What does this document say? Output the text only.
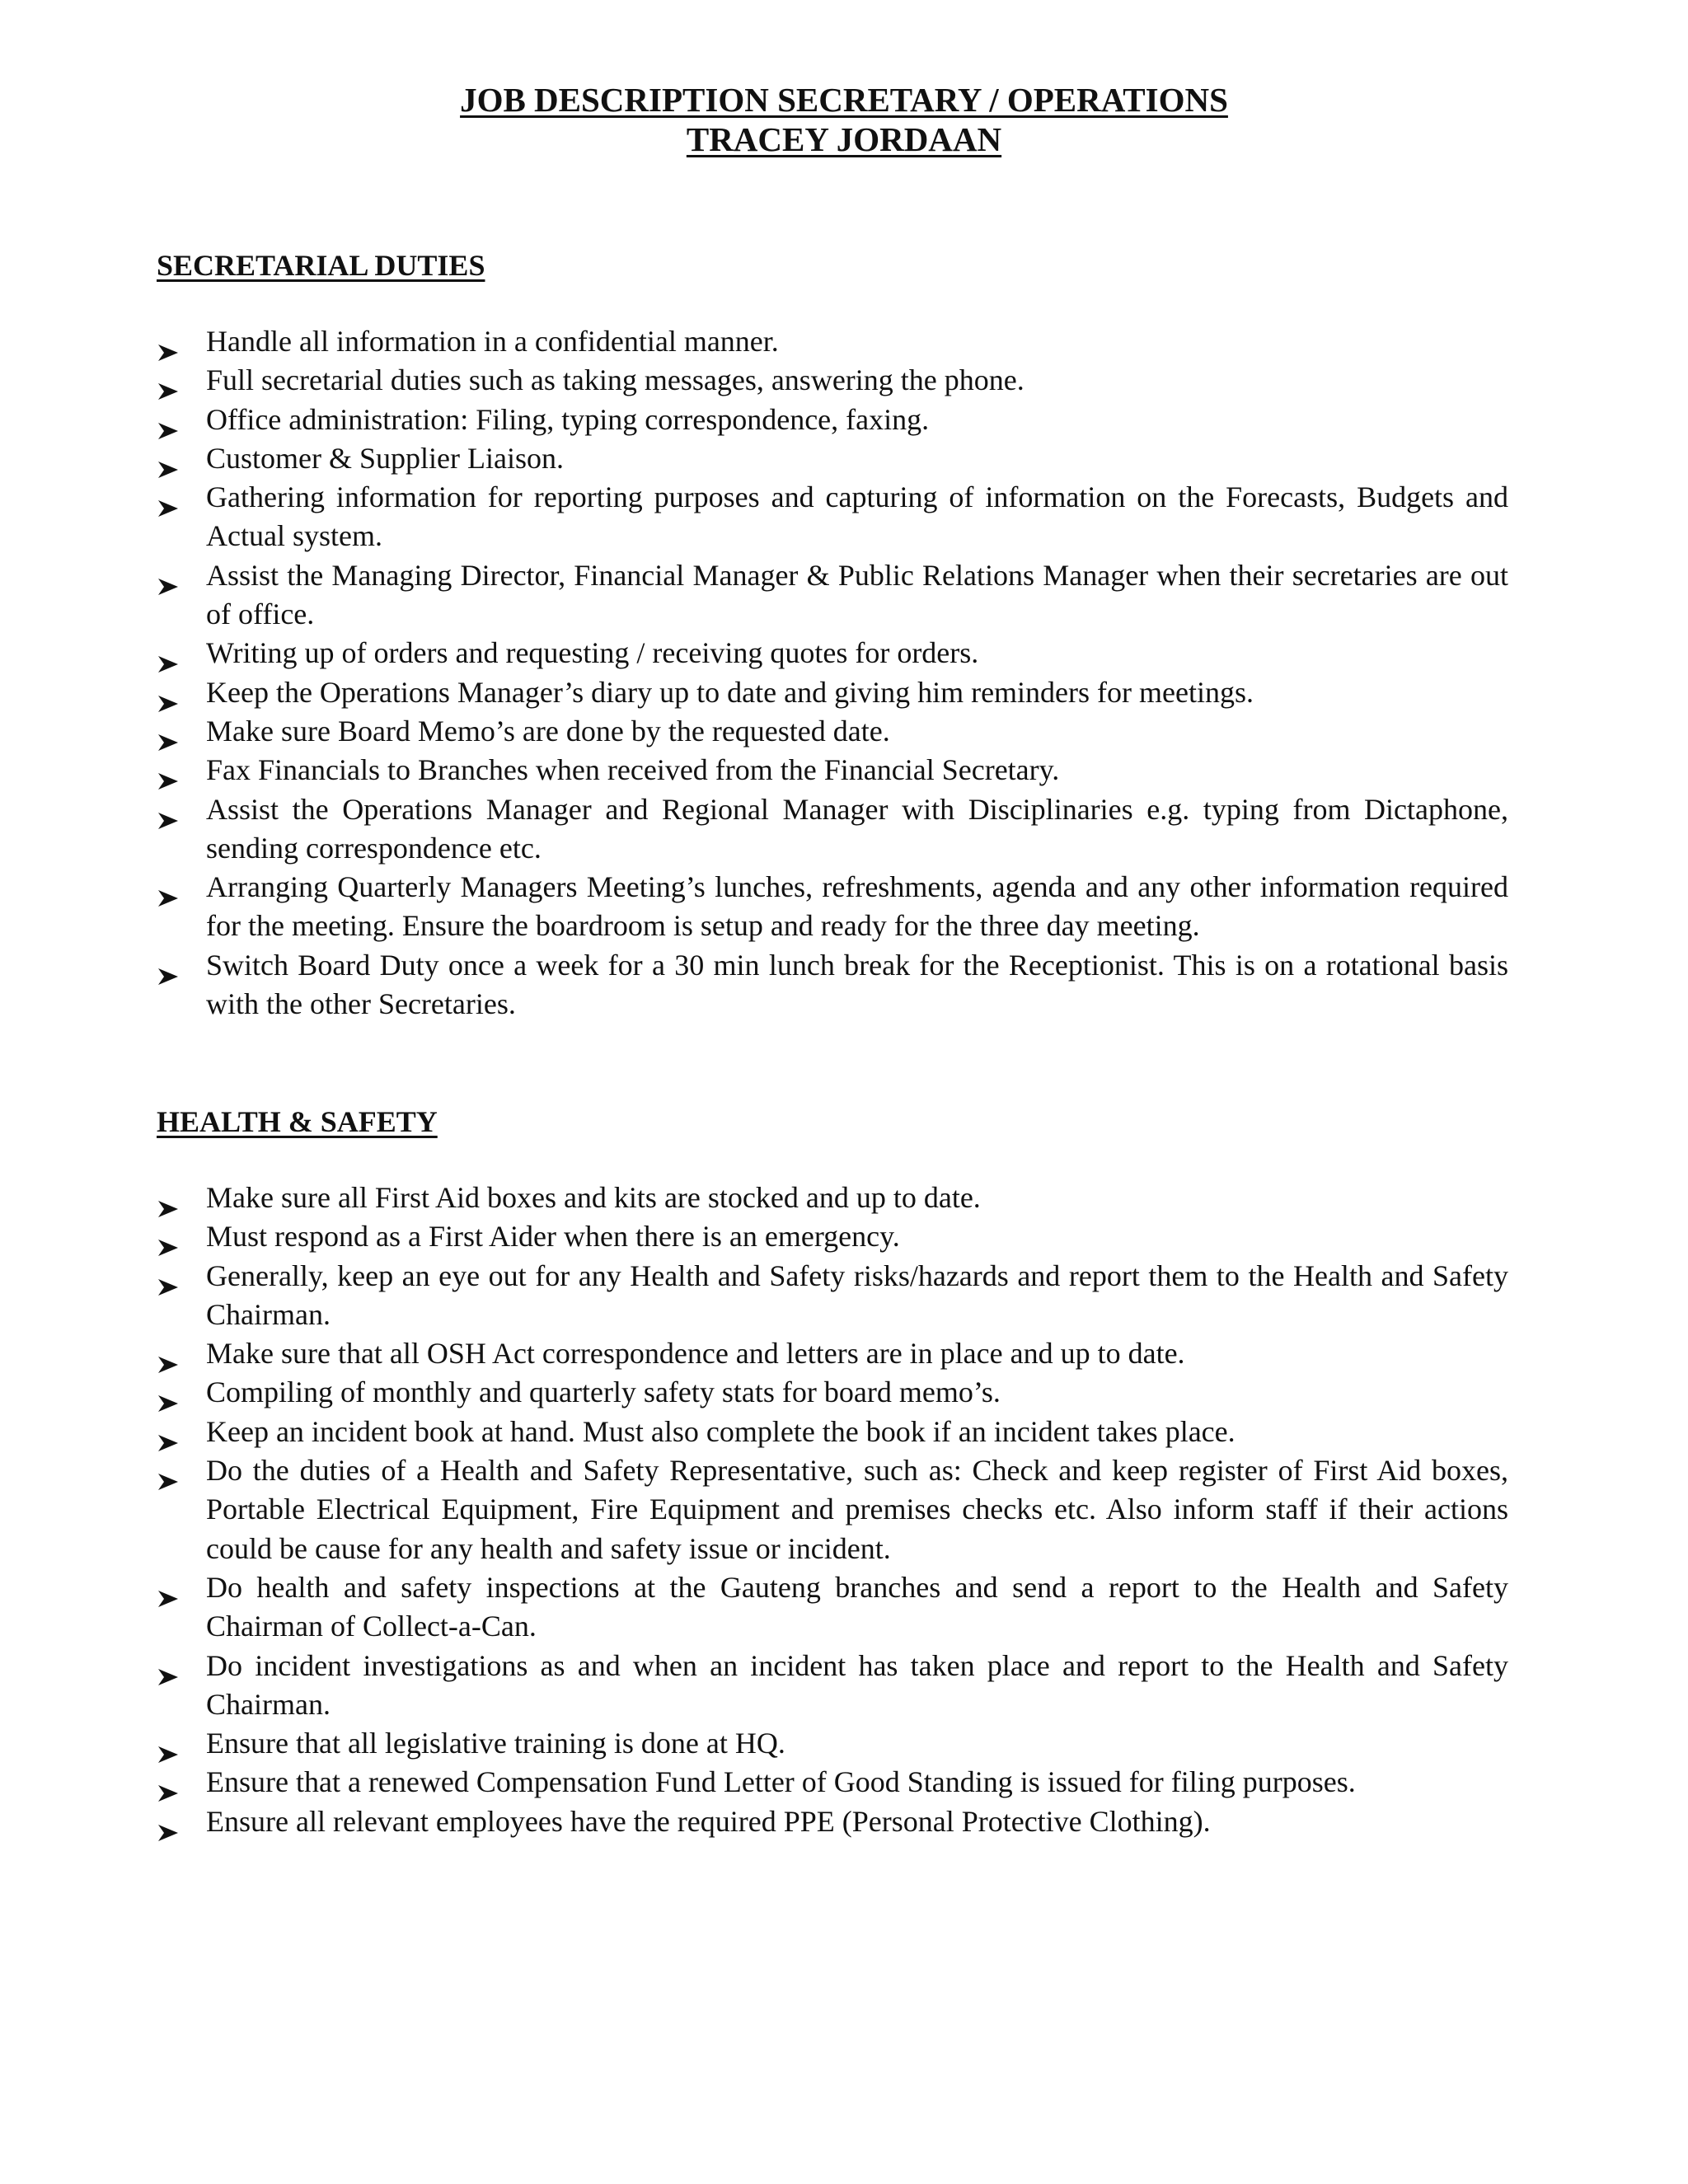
JOB DESCRIPTION SECRETARY / OPERATIONS
TRACEY JORDAAN
SECRETARIAL DUTIES
Handle all information in a confidential manner.
Full secretarial duties such as taking messages, answering the phone.
Office administration: Filing, typing correspondence, faxing.
Customer & Supplier Liaison.
Gathering information for reporting purposes and capturing of information on the Forecasts, Budgets and Actual system.
Assist the Managing Director, Financial Manager & Public Relations Manager when their secretaries are out of office.
Writing up of orders and requesting / receiving quotes for orders.
Keep the Operations Manager’s diary up to date and giving him reminders for meetings.
Make sure Board Memo’s are done by the requested date.
Fax Financials to Branches when received from the Financial Secretary.
Assist the Operations Manager and Regional Manager with Disciplinaries e.g. typing from Dictaphone, sending correspondence etc.
Arranging Quarterly Managers Meeting’s lunches, refreshments, agenda and any other information required for the meeting. Ensure the boardroom is setup and ready for the three day meeting.
Switch Board Duty once a week for a 30 min lunch break for the Receptionist. This is on a rotational basis with the other Secretaries.
HEALTH & SAFETY
Make sure all First Aid boxes and kits are stocked and up to date.
Must respond as a First Aider when there is an emergency.
Generally, keep an eye out for any Health and Safety risks/hazards and report them to the Health and Safety Chairman.
Make sure that all OSH Act correspondence and letters are in place and up to date.
Compiling of monthly and quarterly safety stats for board memo’s.
Keep an incident book at hand. Must also complete the book if an incident takes place.
Do the duties of a Health and Safety Representative, such as: Check and keep register of First Aid boxes, Portable Electrical Equipment, Fire Equipment and premises checks etc. Also inform staff if their actions could be cause for any health and safety issue or incident.
Do health and safety inspections at the Gauteng branches and send a report to the Health and Safety Chairman of Collect-a-Can.
Do incident investigations as and when an incident has taken place and report to the Health and Safety Chairman.
Ensure that all legislative training is done at HQ.
Ensure that a renewed Compensation Fund Letter of Good Standing is issued for filing purposes.
Ensure all relevant employees have the required PPE (Personal Protective Clothing).
